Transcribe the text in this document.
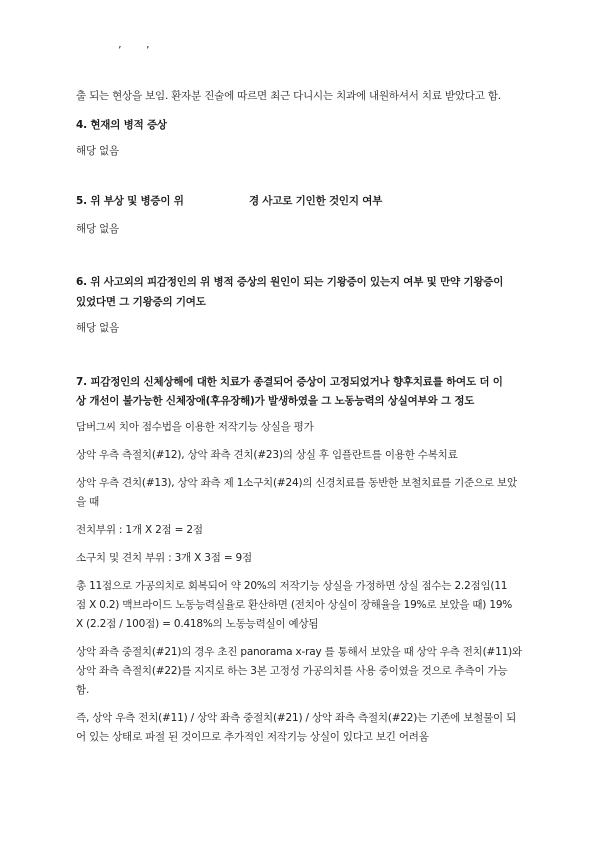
ʼ ʼ
출 되는 현상을 보임. 환자분 진술에 따르면 최근 다니시는 치과에 내원하셔서 치료 받았다고 함.
4. 현재의 병적 증상
해당 없음
5. 위 부상 및 병증이 위	경 사고로 기인한 것인지 여부
해당 없음
6. 위 사고외의 피감정인의 위 병적 증상의 원인이 되는 기왕증이 있는지 여부 및 만약 기왕증이
있었다면 그 기왕증의 기여도
해당 없음
7. 피감정인의 신체상해에 대한 치료가 종결되어 증상이 고정되었거나 향후치료를 하여도 더 이
상 개선이 불가능한 신체장애(후유장해)가 발생하였을 그 노동능력의 상실여부와 그 정도
담버그씨 치아 점수법을 이용한 저작기능 상실을 평가
상악 우측 측절치(#12), 상악 좌측 견치(#23)의 상실 후 임플란트를 이용한 수복치료
상악 우측 견치(#13), 상악 좌측 제 1소구치(#24)의 신경치료를 동반한 보철치료를 기준으로 보았
을 때
전치부위 : 1개 X 2점 = 2점
소구치 및 견치 부위 : 3개 X 3점 = 9점
총 11점으로 가공의치로 회복되어 약 20%의 저작기능 상실을 가정하면 상실 점수는 2.2점임(11
점 X 0.2) 맥브라이드 노동능력실율로 환산하면 (전치아 상실이 장해율을 19%로 보았을 때) 19%
X (2.2점 / 100점) = 0.418%의 노동능력실이 예상됨
상악 좌측 중절치(#21)의 경우 초진 panorama x-ray 를 통해서 보았을 때 상악 우측 전치(#11)와
상악 좌측 측절치(#22)를 지지로 하는 3본 고정성 가공의치를 사용 중이였을 것으로 추측이 가능
함.
즉, 상악 우측 전치(#11) / 상악 좌측 중절치(#21) / 상악 좌측 측절치(#22)는 기존에 보철물이 되
어 있는 상태로 파절 된 것이므로 추가적인 저작기능 상실이 있다고 보긴 어려움
